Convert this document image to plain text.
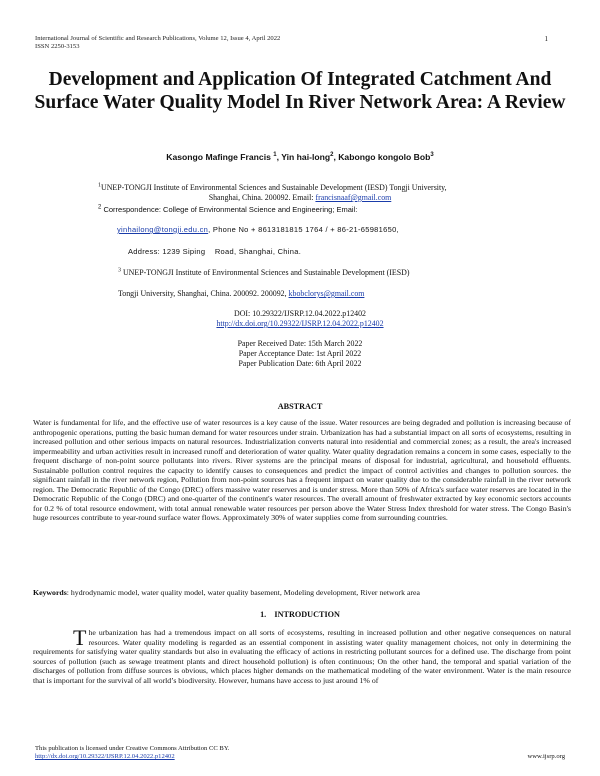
International Journal of Scientific and Research Publications, Volume 12, Issue 4, April 2022
ISSN 2250-3153
1
Development and Application Of Integrated Catchment And Surface Water Quality Model In River Network Area: A Review
Kasongo Mafinge Francis $^1$, Yin hai-long$^2$, Kabongo kongolo Bob$^3$
$^1$UNEP-TONGJI Institute of Environmental Sciences and Sustainable Development (IESD) Tongji University,
Shanghai, China. 200092. Email: francisnaaf@gmail.com
$^2$ Correspondence: College of Environmental Science and Engineering; Email:
yinhailong@tongji.edu.cn, Phone No + 8613181815 1764 / + 86-21-65981650,
Address: 1239 Siping    Road, Shanghai, China.
$^3$ UNEP-TONGJI Institute of Environmental Sciences and Sustainable Development (IESD)
Tongji University, Shanghai, China. 200092. 200092, kbobclorys@gmail.com
DOI: 10.29322/IJSRP.12.04.2022.p12402
http://dx.doi.org/10.29322/IJSRP.12.04.2022.p12402
Paper Received Date: 15th March 2022
Paper Acceptance Date: 1st April 2022
Paper Publication Date: 6th April 2022
ABSTRACT
Water is fundamental for life, and the effective use of water resources is a key cause of the issue. Water resources are being degraded and pollution is increasing because of anthropogenic operations, putting the basic human demand for water resources under strain. Urbanization has had a substantial impact on all sorts of ecosystems, resulting in increased pollution and other serious impacts on natural resources. Industrialization converts natural into residential and commercial zones; as a result, the area's increased impermeability and urban activities result in increased runoff and deterioration of water quality. Water quality degradation remains a concern in some cases, especially to the frequent discharge of non-point source pollutants into rivers. River systems are the principal means of disposal for industrial, agricultural, and household effluents. Sustainable pollution control requires the capacity to identify causes to consequences and predict the impact of control activities and changes to pollution sources. the significant rainfall in the river network region, Pollution from non-point sources has a frequent impact on water quality due to the considerable rainfall in the river network region. The Democratic Republic of the Congo (DRC) offers massive water reserves and is under stress. More than 50% of Africa's surface water reserves are located in the Democratic Republic of the Congo (DRC) and one-quarter of the continent's water resources. The overall amount of freshwater extracted by key economic sectors accounts for 0.2 % of total resource endowment, with total annual renewable water resources per person above the Water Stress Index threshold for water stress. The Congo Basin's huge resources contribute to year-round surface water flows. Approximately 30% of water supplies come from surrounding countries.
Keywords: hydrodynamic model, water quality model, water quality basement, Modeling development, River network area
1.    INTRODUCTION
The urbanization has had a tremendous impact on all sorts of ecosystems, resulting in increased pollution and other negative consequences on natural resources. Water quality modeling is regarded as an essential component in assisting water quality management choices, not only in determining the requirements for satisfying water quality standards but also in evaluating the efficacy of actions in restricting pollutant sources for a defined use. The discharge from point sources of pollution (such as sewage treatment plants and direct household pollution) is often continuous; On the other hand, the temporal and spatial variation of the discharges of pollution from diffuse sources is obvious, which places higher demands on the mathematical modeling of the water environment. Water is the main resource that is important for the survival of all world’s biodiversity. However, humans have access to just around 1% of
This publication is licensed under Creative Commons Attribution CC BY.
http://dx.doi.org/10.29322/IJSRP.12.04.2022.p12402	www.ijsrp.org
